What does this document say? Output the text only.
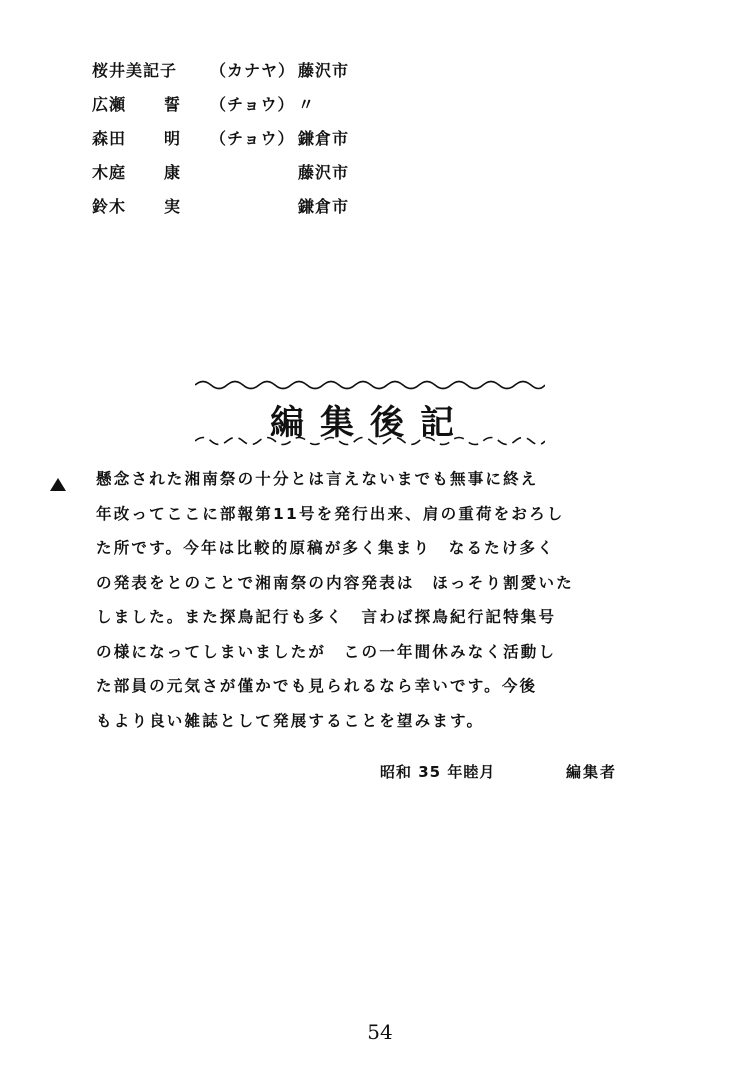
桜井美記子 （カナヤ） 藤沢市
広瀬 誓 （チョウ） 〃
森田 明 （チョウ） 鎌倉市
木庭 康	藤沢市
鈴木 実	鎌倉市
編集後記
懸念された湘南祭の十分とは言えないまでも無事に終え
年改ってここに部報第11号を発行出来、肩の重荷をおろし
た所です。今年は比較的原稿が多く集まり　なるたけ多く
の発表をとのことで湘南祭の内容発表は　ほっそり割愛いた
しました。また探鳥記行も多く　言わば探鳥紀行記特集号
の様になってしまいましたが　この一年間休みなく活動し
た部員の元気さが僅かでも見られるなら幸いです。今後
もより良い雑誌として発展することを望みます。
昭和 35 年睦月	編集者
54
